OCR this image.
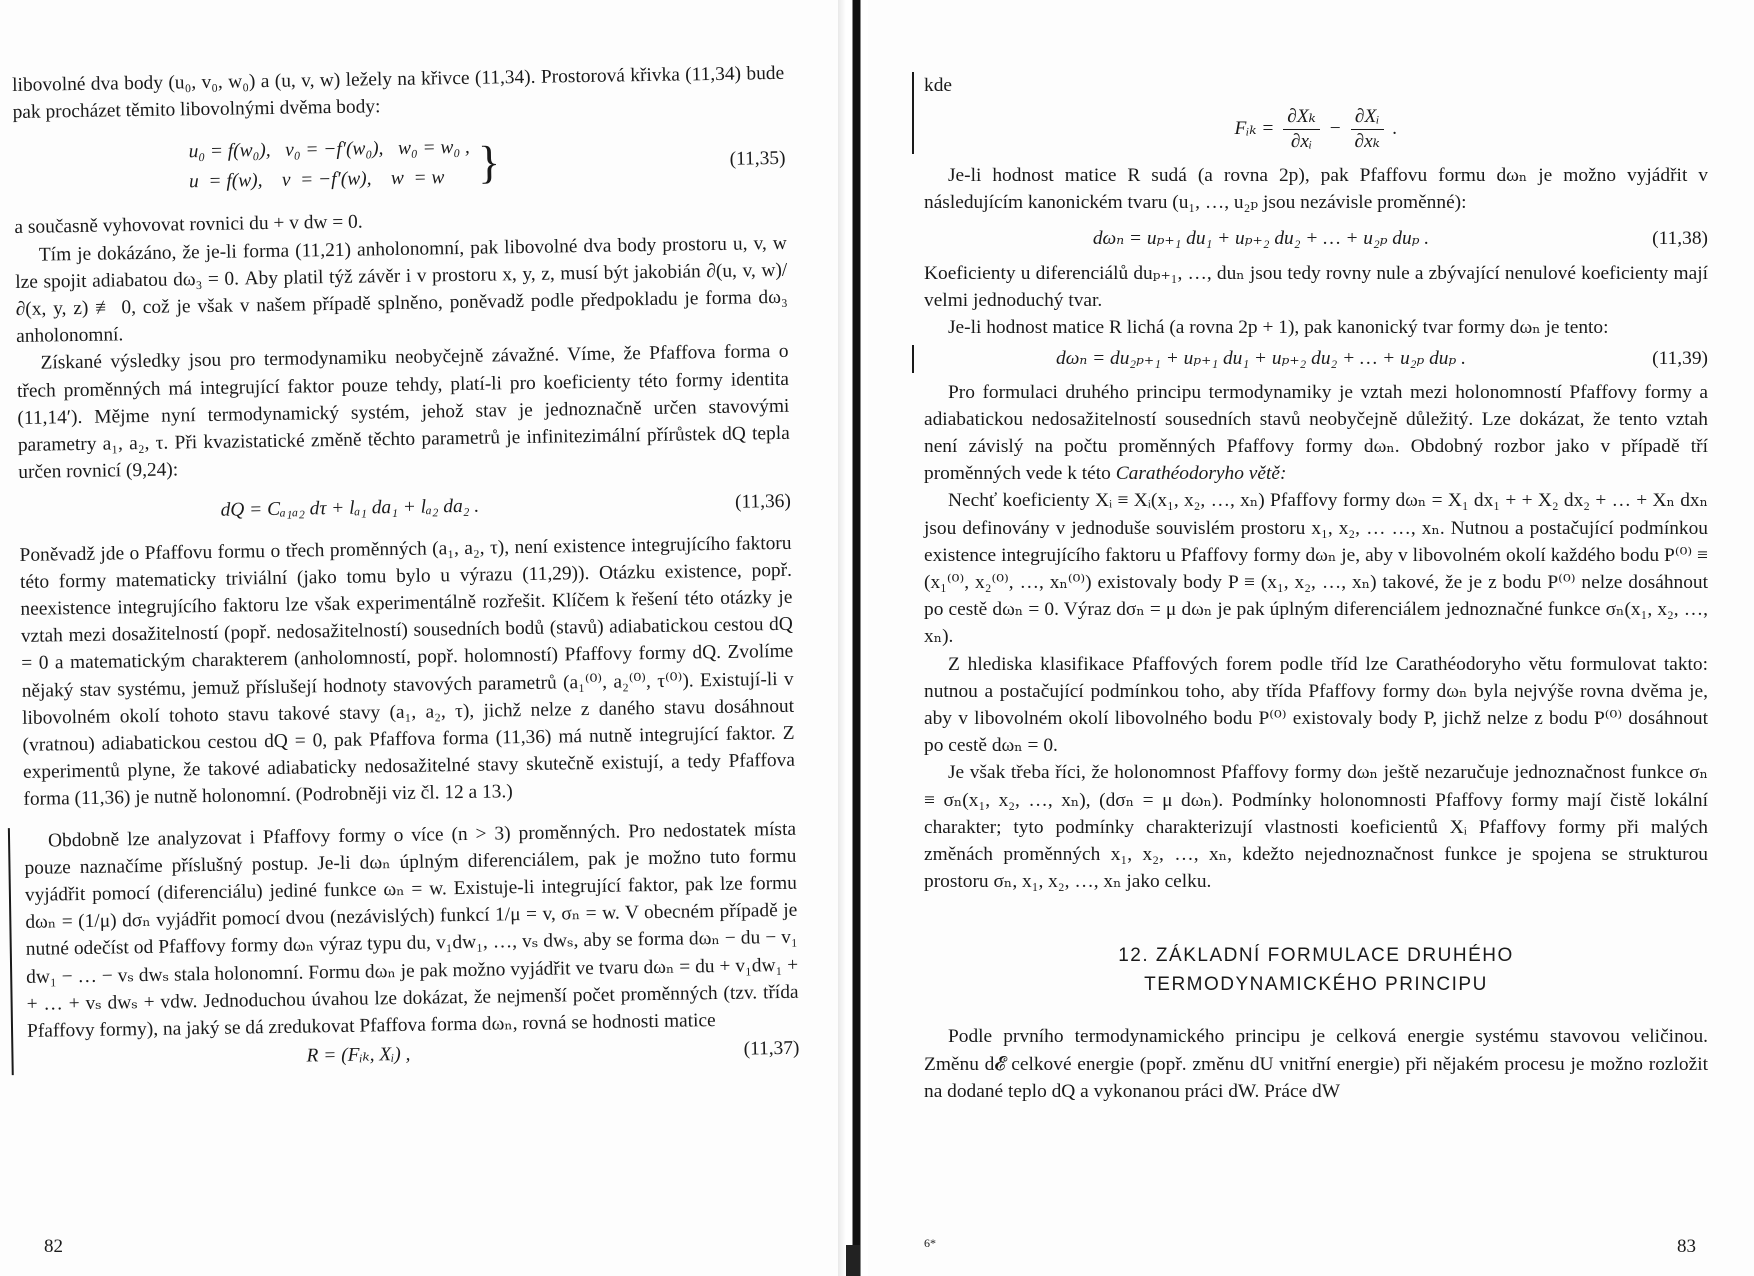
libovolné dva body (u₀, v₀, w₀) a (u, v, w) ležely na křivce (11,34). Prostorová křivka (11,34) bude pak procházet těmito libovolnými dvěma body:

u₀ = f(w₀),   v₀ = −f′(w₀),   w₀ = w₀ ,
u  = f(w),    v  = −f′(w),    w  = w }	(11,35)

a současně vyhovovat rovnici du + v dw = 0.

Tím je dokázáno, že je-li forma (11,21) anholonomní, pak libovolné dva body prostoru u, v, w lze spojit adiabatou dω₃ = 0. Aby platil týž závěr i v prostoru x, y, z, musí být jakobián ∂(u, v, w)/∂(x, y, z) ≢ 0, což je však v našem případě splněno, poněvadž podle předpokladu je forma dω₃ anholonomní.

Získané výsledky jsou pro termodynamiku neobyčejně závažné. Víme, že Pfaffova forma o třech proměnných má integrující faktor pouze tehdy, platí-li pro koeficienty této formy identita (11,14′). Mějme nyní termodynamický systém, jehož stav je jednoznačně určen stavovými parametry a₁, a₂, τ. Při kvazistatické změně těchto parametrů je infinitezimální přírůstek dQ tepla určen rovnicí (9,24):

dQ = Cₐ₁ₐ₂ dτ + lₐ₁ da₁ + lₐ₂ da₂ .	(11,36)

Poněvadž jde o Pfaffovu formu o třech proměnných (a₁, a₂, τ), není existence integrujícího faktoru této formy matematicky triviální (jako tomu bylo u výrazu (11,29)). Otázku existence, popř. neexistence integrujícího faktoru lze však experimentálně rozřešit. Klíčem k řešení této otázky je vztah mezi dosažitelností (popř. nedosažitelností) sousedních bodů (stavů) adiabatickou cestou dQ = 0 a matematickým charakterem (anholomností, popř. holomností) Pfaffovy formy dQ. Zvolíme nějaký stav systému, jemuž příslušejí hodnoty stavových parametrů (a₁⁽⁰⁾, a₂⁽⁰⁾, τ⁽⁰⁾). Existují-li v libovolném okolí tohoto stavu takové stavy (a₁, a₂, τ), jichž nelze z daného stavu dosáhnout (vratnou) adiabatickou cestou dQ = 0, pak Pfaffova forma (11,36) má nutně integrující faktor. Z experimentů plyne, že takové adiabaticky nedosažitelné stavy skutečně existují, a tedy Pfaffova forma (11,36) je nutně holonomní. (Podrobněji viz čl. 12 a 13.)

Obdobně lze analyzovat i Pfaffovy formy o více (n > 3) proměnných. Pro nedostatek místa pouze naznačíme příslušný postup. Je-li dωₙ úplným diferenciálem, pak je možno tuto formu vyjádřit pomocí (diferenciálu) jediné funkce ωₙ = w. Existuje-li integrující faktor, pak lze formu dωₙ = (1/μ) dσₙ vyjádřit pomocí dvou (nezávislých) funkcí 1/μ = v, σₙ = w. V obecném případě je nutné odečíst od Pfaffovy formy dωₙ výraz typu du, v₁dw₁, …, vₛ dwₛ, aby se forma dωₙ − du − v₁ dw₁ − … − vₛ dwₛ stala holonomní. Formu dωₙ je pak možno vyjádřit ve tvaru dωₙ = du + v₁dw₁ + + … + vₛ dwₛ + vdw. Jednoduchou úvahou lze dokázat, že nejmenší počet proměnných (tzv. třída Pfaffovy formy), na jaký se dá zredukovat Pfaffova forma dωₙ, rovná se hodnosti matice

R = (Fᵢₖ, Xᵢ) ,	(11,37)
82

kde

Fᵢₖ = $\frac{\text{∂Xₖ}}{\text{∂xᵢ}} - \frac{\text{∂Xᵢ}}{\text{∂xₖ}}$ .

Je-li hodnost matice R sudá (a rovna 2p), pak Pfaffovu formu dωₙ je možno vyjádřit v následujícím kanonickém tvaru (u₁, …, u₂ₚ jsou nezávisle proměnné):

dωₙ = uₚ₊₁ du₁ + uₚ₊₂ du₂ + … + u₂ₚ duₚ .	(11,38)

Koeficienty u diferenciálů duₚ₊₁, …, duₙ jsou tedy rovny nule a zbývající nenulové koeficienty mají velmi jednoduchý tvar.

Je-li hodnost matice R lichá (a rovna 2p + 1), pak kanonický tvar formy dωₙ je tento:

dωₙ = du₂ₚ₊₁ + uₚ₊₁ du₁ + uₚ₊₂ du₂ + … + u₂ₚ duₚ .	(11,39)

Pro formulaci druhého principu termodynamiky je vztah mezi holonomností Pfaffovy formy a adiabatickou nedosažitelností sousedních stavů neobyčejně důležitý. Lze dokázat, že tento vztah není závislý na počtu proměnných Pfaffovy formy dωₙ. Obdobný rozbor jako v případě tří proměnných vede k této Carathéodoryho větě:

Nechť koeficienty Xᵢ ≡ Xᵢ(x₁, x₂, …, xₙ) Pfaffovy formy dωₙ = X₁ dx₁ + + X₂ dx₂ + … + Xₙ dxₙ jsou definovány v jednoduše souvislém prostoru x₁, x₂, … …, xₙ. Nutnou a postačující podmínkou existence integrujícího faktoru u Pfaffovy formy dωₙ je, aby v libovolném okolí každého bodu P⁽⁰⁾ ≡ (x₁⁽⁰⁾, x₂⁽⁰⁾, …, xₙ⁽⁰⁾) existovaly body P ≡ (x₁, x₂, …, xₙ) takové, že je z bodu P⁽⁰⁾ nelze dosáhnout po cestě dωₙ = 0. Výraz dσₙ = μ dωₙ je pak úplným diferenciálem jednoznačné funkce σₙ(x₁, x₂, …, xₙ).

Z hlediska klasifikace Pfaffových forem podle tříd lze Carathéodoryho větu formulovat takto: nutnou a postačující podmínkou toho, aby třída Pfaffovy formy dωₙ byla nejvýše rovna dvěma je, aby v libovolném okolí libovolného bodu P⁽⁰⁾ existovaly body P, jichž nelze z bodu P⁽⁰⁾ dosáhnout po cestě dωₙ = 0.

Je však třeba říci, že holonomnost Pfaffovy formy dωₙ ještě nezaručuje jednoznačnost funkce σₙ ≡ σₙ(x₁, x₂, …, xₙ), (dσₙ = μ dωₙ). Podmínky holonomnosti Pfaffovy formy mají čistě lokální charakter; tyto podmínky charakterizují vlastnosti koeficientů Xᵢ Pfaffovy formy při malých změnách proměnných x₁, x₂, …, xₙ, kdežto nejednoznačnost funkce je spojena se strukturou prostoru σₙ, x₁, x₂, …, xₙ jako celku.

12. ZÁKLADNÍ FORMULACE DRUHÉHO
TERMODYNAMICKÉHO PRINCIPU

Podle prvního termodynamického principu je celková energie systému stavovou veličinou. Změnu d𝓔 celkové energie (popř. změnu dU vnitřní energie) při nějakém procesu je možno rozložit na dodané teplo dQ a vykonanou práci dW. Práce dW

6*	83
